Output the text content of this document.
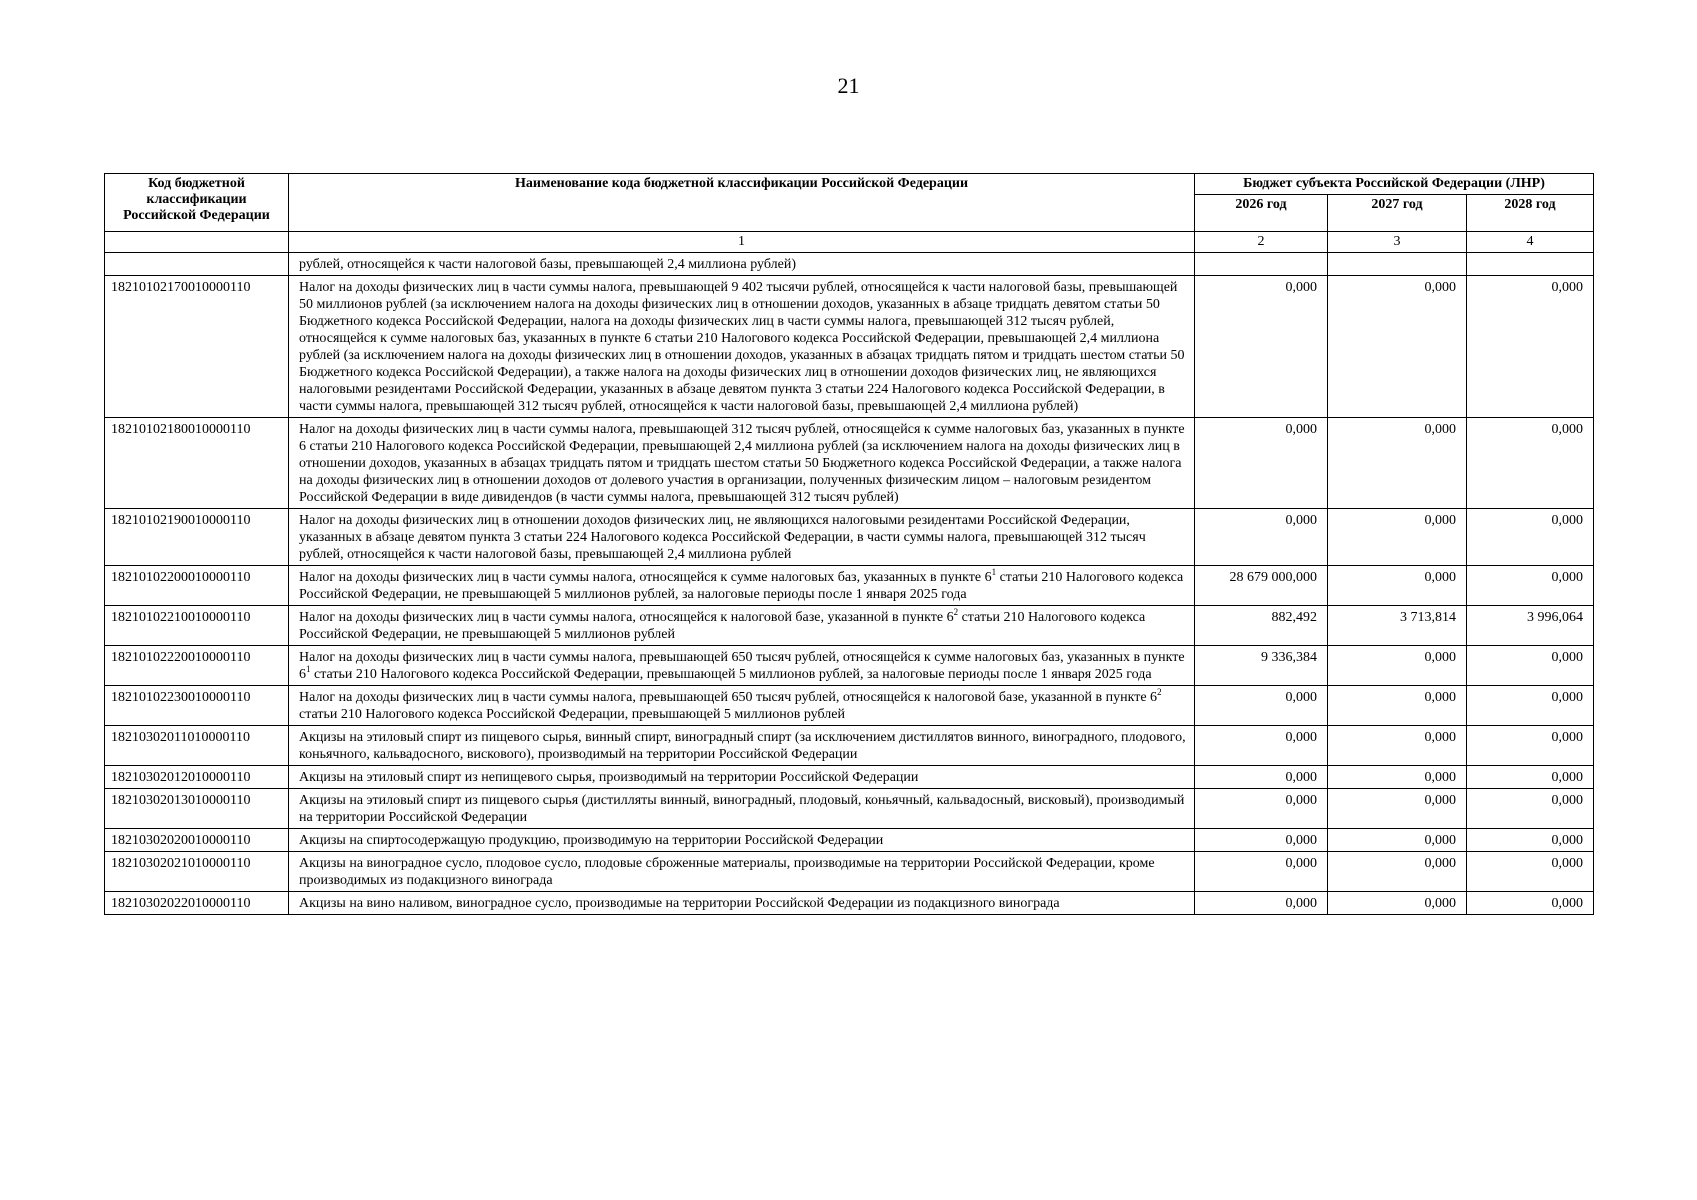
21
Код бюджетной классификации Российской Федерации	Наименование кода бюджетной классификации Российской Федерации	Бюджет субъекта Российской Федерации (ЛНР)		
		2026 год	2027 год	2028 год
	1	2	3	4
	рублей, относящейся к части налоговой базы, превышающей 2,4 миллиона рублей)			
18210102170010000110	Налог на доходы физических лиц в части суммы налога, превышающей 9 402 тысячи рублей, относящейся к части налоговой базы, превышающей 50 миллионов рублей (за исключением налога на доходы физических лиц в отношении доходов, указанных в абзаце тридцать девятом статьи 50 Бюджетного кодекса Российской Федерации, налога на доходы физических лиц в части суммы налога, превышающей 312 тысяч рублей, относящейся к сумме налоговых баз, указанных в пункте 6 статьи 210 Налогового кодекса Российской Федерации, превышающей 2,4 миллиона рублей (за исключением налога на доходы физических лиц в отношении доходов, указанных в абзацах тридцать пятом и тридцать шестом статьи 50 Бюджетного кодекса Российской Федерации), а также налога на доходы физических лиц в отношении доходов физических лиц, не являющихся налоговыми резидентами Российской Федерации, указанных в абзаце девятом пункта 3 статьи 224 Налогового кодекса Российской Федерации, в части суммы налога, превышающей 312 тысяч рублей, относящейся к части налоговой базы, превышающей 2,4 миллиона рублей)	0,000	0,000	0,000
18210102180010000110	Налог на доходы физических лиц в части суммы налога, превышающей 312 тысяч рублей, относящейся к сумме налоговых баз, указанных в пункте 6 статьи 210 Налогового кодекса Российской Федерации, превышающей 2,4 миллиона рублей (за исключением налога на доходы физических лиц в отношении доходов, указанных в абзацах тридцать пятом и тридцать шестом статьи 50 Бюджетного кодекса Российской Федерации, а также налога на доходы физических лиц в отношении доходов от долевого участия в организации, полученных физическим лицом – налоговым резидентом Российской Федерации в виде дивидендов (в части суммы налога, превышающей 312 тысяч рублей)	0,000	0,000	0,000
18210102190010000110	Налог на доходы физических лиц в отношении доходов физических лиц, не являющихся налоговыми резидентами Российской Федерации, указанных в абзаце девятом пункта 3 статьи 224 Налогового кодекса Российской Федерации, в части суммы налога, превышающей 312 тысяч рублей, относящейся к части налоговой базы, превышающей 2,4 миллиона рублей	0,000	0,000	0,000
18210102200010000110	Налог на доходы физических лиц в части суммы налога, относящейся к сумме налоговых баз, указанных в пункте $6^1$ статьи 210 Налогового кодекса Российской Федерации, не превышающей 5 миллионов рублей, за налоговые периоды после 1 января 2025 года	28 679 000,000	0,000	0,000
18210102210010000110	Налог на доходы физических лиц в части суммы налога, относящейся к налоговой базе, указанной в пункте $6^2$ статьи 210 Налогового кодекса Российской Федерации, не превышающей 5 миллионов рублей	882,492	3 713,814	3 996,064
18210102220010000110	Налог на доходы физических лиц в части суммы налога, превышающей 650 тысяч рублей, относящейся к сумме налоговых баз, указанных в пункте $6^1$ статьи 210 Налогового кодекса Российской Федерации, превышающей 5 миллионов рублей, за налоговые периоды после 1 января 2025 года	9 336,384	0,000	0,000
18210102230010000110	Налог на доходы физических лиц в части суммы налога, превышающей 650 тысяч рублей, относящейся к налоговой базе, указанной в пункте $6^2$ статьи 210 Налогового кодекса Российской Федерации, превышающей 5 миллионов рублей	0,000	0,000	0,000
18210302011010000110	Акцизы на этиловый спирт из пищевого сырья, винный спирт, виноградный спирт (за исключением дистиллятов винного, виноградного, плодового, коньячного, кальвадосного, вискового), производимый на территории Российской Федерации	0,000	0,000	0,000
18210302012010000110	Акцизы на этиловый спирт из непищевого сырья, производимый на территории Российской Федерации	0,000	0,000	0,000
18210302013010000110	Акцизы на этиловый спирт из пищевого сырья (дистилляты винный, виноградный, плодовый, коньячный, кальвадосный, висковый), производимый на территории Российской Федерации	0,000	0,000	0,000
18210302020010000110	Акцизы на спиртосодержащую продукцию, производимую на территории Российской Федерации	0,000	0,000	0,000
18210302021010000110	Акцизы на виноградное сусло, плодовое сусло, плодовые сброженные материалы, производимые на территории Российской Федерации, кроме производимых из подакцизного винограда	0,000	0,000	0,000
18210302022010000110	Акцизы на вино наливом, виноградное сусло, производимые на территории Российской Федерации из подакцизного винограда	0,000	0,000	0,000
